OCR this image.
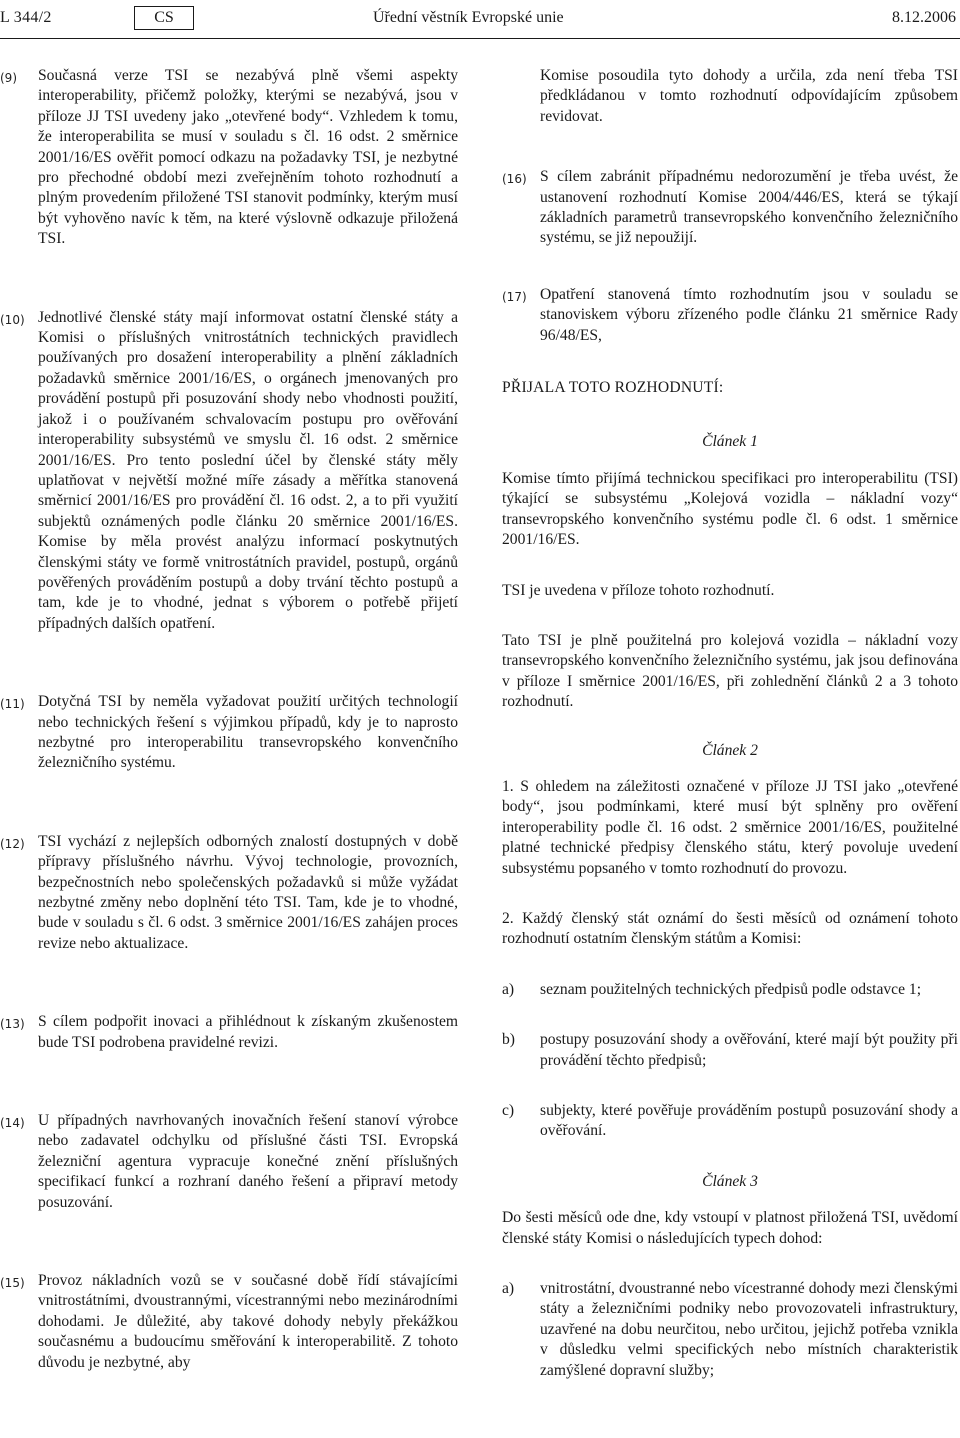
L 344/2	CS	Úřední věstník Evropské unie	8.12.2006

(9) Současná verze TSI se nezabývá plně všemi aspekty interoperability, přičemž položky, kterými se nezabývá, jsou v příloze JJ TSI uvedeny jako „otevřené body“. Vzhledem k tomu, že interoperabilita se musí v souladu s čl. 16 odst. 2 směrnice 2001/16/ES ověřit pomocí odkazu na požadavky TSI, je nezbytné pro přechodné období mezi zveřejněním tohoto rozhodnutí a plným provedením přiložené TSI stanovit podmínky, kterým musí být vyhověno navíc k těm, na které výslovně odkazuje přiložená TSI.

(10) Jednotlivé členské státy mají informovat ostatní členské státy a Komisi o příslušných vnitrostátních technických pravidlech používaných pro dosažení interoperability a plnění základních požadavků směrnice 2001/16/ES, o orgánech jmenovaných pro provádění postupů při posuzování shody nebo vhodnosti použití, jakož i o používaném schvalovacím postupu pro ověřování interoperability subsystémů ve smyslu čl. 16 odst. 2 směrnice 2001/16/ES. Pro tento poslední účel by členské státy měly uplatňovat v největší možné míře zásady a měřítka stanovená směrnicí 2001/16/ES pro provádění čl. 16 odst. 2, a to při využití subjektů oznámených podle článku 20 směrnice 2001/16/ES. Komise by měla provést analýzu informací poskytnutých členskými státy ve formě vnitrostátních pravidel, postupů, orgánů pověřených prováděním postupů a doby trvání těchto postupů a tam, kde je to vhodné, jednat s výborem o potřebě přijetí případných dalších opatření.

(11) Dotyčná TSI by neměla vyžadovat použití určitých technologií nebo technických řešení s výjimkou případů, kdy je to naprosto nezbytné pro interoperabilitu transevropského konvenčního železničního systému.

(12) TSI vychází z nejlepších odborných znalostí dostupných v době přípravy příslušného návrhu. Vývoj technologie, provozních, bezpečnostních nebo společenských požadavků si může vyžádat nezbytné změny nebo doplnění této TSI. Tam, kde je to vhodné, bude v souladu s čl. 6 odst. 3 směrnice 2001/16/ES zahájen proces revize nebo aktualizace.

(13) S cílem podpořit inovaci a přihlédnout k získaným zkušenostem bude TSI podrobena pravidelné revizi.

(14) U případných navrhovaných inovačních řešení stanoví výrobce nebo zadavatel odchylku od příslušné části TSI. Evropská železniční agentura vypracuje konečné znění příslušných specifikací funkcí a rozhraní daného řešení a připraví metody posuzování.

(15) Provoz nákladních vozů se v současné době řídí stávajícími vnitrostátními, dvoustrannými, vícestrannými nebo mezinárodními dohodami. Je důležité, aby takové dohody nebyly překážkou současnému a budoucímu směřování k interoperabilitě. Z tohoto důvodu je nezbytné, aby

Komise posoudila tyto dohody a určila, zda není třeba TSI předkládanou v tomto rozhodnutí odpovídajícím způsobem revidovat.

(16) S cílem zabránit případnému nedorozumění je třeba uvést, že ustanovení rozhodnutí Komise 2004/446/ES, která se týkají základních parametrů transevropského konvenčního železničního systému, se již nepoužijí.

(17) Opatření stanovená tímto rozhodnutím jsou v souladu se stanoviskem výboru zřízeného podle článku 21 směrnice Rady 96/48/ES,

PŘIJALA TOTO ROZHODNUTÍ:

Článek 1

Komise tímto přijímá technickou specifikaci pro interoperabilitu (TSI) týkající se subsystému „Kolejová vozidla – nákladní vozy“ transevropského konvenčního systému podle čl. 6 odst. 1 směrnice 2001/16/ES.

TSI je uvedena v příloze tohoto rozhodnutí.

Tato TSI je plně použitelná pro kolejová vozidla – nákladní vozy transevropského konvenčního železničního systému, jak jsou definována v příloze I směrnice 2001/16/ES, při zohlednění článků 2 a 3 tohoto rozhodnutí.

Článek 2

1. S ohledem na záležitosti označené v příloze JJ TSI jako „otevřené body“, jsou podmínkami, které musí být splněny pro ověření interoperability podle čl. 16 odst. 2 směrnice 2001/16/ES, použitelné platné technické předpisy členského státu, který povoluje uvedení subsystému popsaného v tomto rozhodnutí do provozu.

2. Každý členský stát oznámí do šesti měsíců od oznámení tohoto rozhodnutí ostatním členským státům a Komisi:

a) seznam použitelných technických předpisů podle odstavce 1;

b) postupy posuzování shody a ověřování, které mají být použity při provádění těchto předpisů;

c) subjekty, které pověřuje prováděním postupů posuzování shody a ověřování.

Článek 3

Do šesti měsíců ode dne, kdy vstoupí v platnost přiložená TSI, uvědomí členské státy Komisi o následujících typech dohod:

a) vnitrostátní, dvoustranné nebo vícestranné dohody mezi členskými státy a železničními podniky nebo provozovateli infrastruktury, uzavřené na dobu neurčitou, nebo určitou, jejichž potřeba vznikla v důsledku velmi specifických nebo místních charakteristik zamýšlené dopravní služby;
